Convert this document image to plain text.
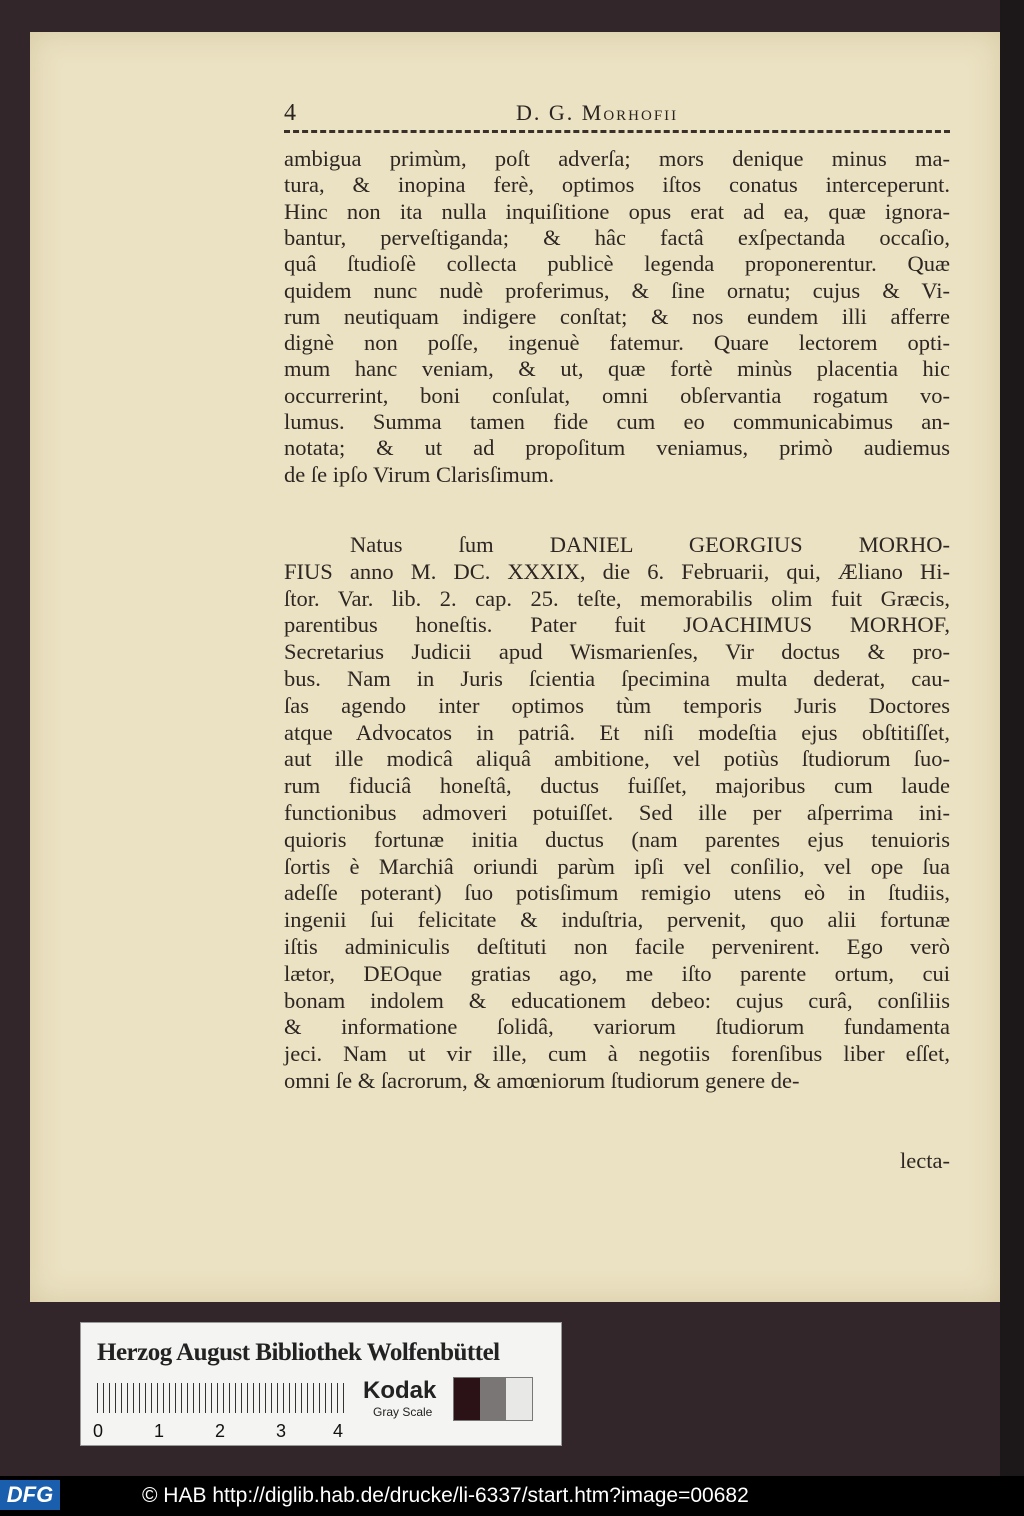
4	D. G. Morhofii
ambigua primùm, poſt adverſa; mors denique minus ma-
tura, & inopina ferè, optimos iſtos conatus interceperunt.
Hinc non ita nulla inquiſitione opus erat ad ea, quæ ignora-
bantur, perveſtiganda; & hâc factâ exſpectanda occaſio,
quâ ſtudioſè collecta publicè legenda proponerentur. Quæ
quidem nunc nudè proferimus, & ſine ornatu; cujus & Vi-
rum neutiquam indigere conſtat; & nos eundem illi afferre
dignè non poſſe, ingenuè fatemur. Quare lectorem opti-
mum hanc veniam, & ut, quæ fortè minùs placentia hic
occurrerint, boni conſulat, omni obſervantia rogatum vo-
lumus. Summa tamen fide cum eo communicabimus an-
notata; & ut ad propoſitum veniamus, primò audiemus
de ſe ipſo Virum Clarisſimum.
Natus ſum DANIEL GEORGIUS MORHO-
FIUS anno M. DC. XXXIX, die 6. Februarii, qui, Æliano Hi-
ſtor. Var. lib. 2. cap. 25. teſte, memorabilis olim fuit Græcis,
parentibus honeſtis. Pater fuit JOACHIMUS MORHOF,
Secretarius Judicii apud Wismarienſes, Vir doctus & pro-
bus. Nam in Juris ſcientia ſpecimina multa dederat, cau-
ſas agendo inter optimos tùm temporis Juris Doctores
atque Advocatos in patriâ. Et niſi modeſtia ejus obſtitiſſet,
aut ille modicâ aliquâ ambitione, vel potiùs ſtudiorum ſuo-
rum fiduciâ honeſtâ, ductus fuiſſet, majoribus cum laude
functionibus admoveri potuiſſet. Sed ille per aſperrima ini-
quioris fortunæ initia ductus (nam parentes ejus tenuioris
ſortis è Marchiâ oriundi parùm ipſi vel conſilio, vel ope ſua
adeſſe poterant) ſuo potisſimum remigio utens eò in ſtudiis,
ingenii ſui felicitate & induſtria, pervenit, quo alii fortunæ
iſtis adminiculis deſtituti non facile pervenirent. Ego verò
lætor, DEOque gratias ago, me iſto parente ortum, cui
bonam indolem & educationem debeo: cujus curâ, conſiliis
& informatione ſolidâ, variorum ſtudiorum fundamenta
jeci. Nam ut vir ille, cum à negotiis forenſibus liber eſſet,
omni ſe & ſacrorum, & amœniorum ſtudiorum genere de-
lecta-
Herzog August Bibliothek Wolfenbüttel
0	1	2	3	4
Kodak
Gray Scale
DFG	© HAB http://diglib.hab.de/drucke/li-6337/start.htm?image=00682
